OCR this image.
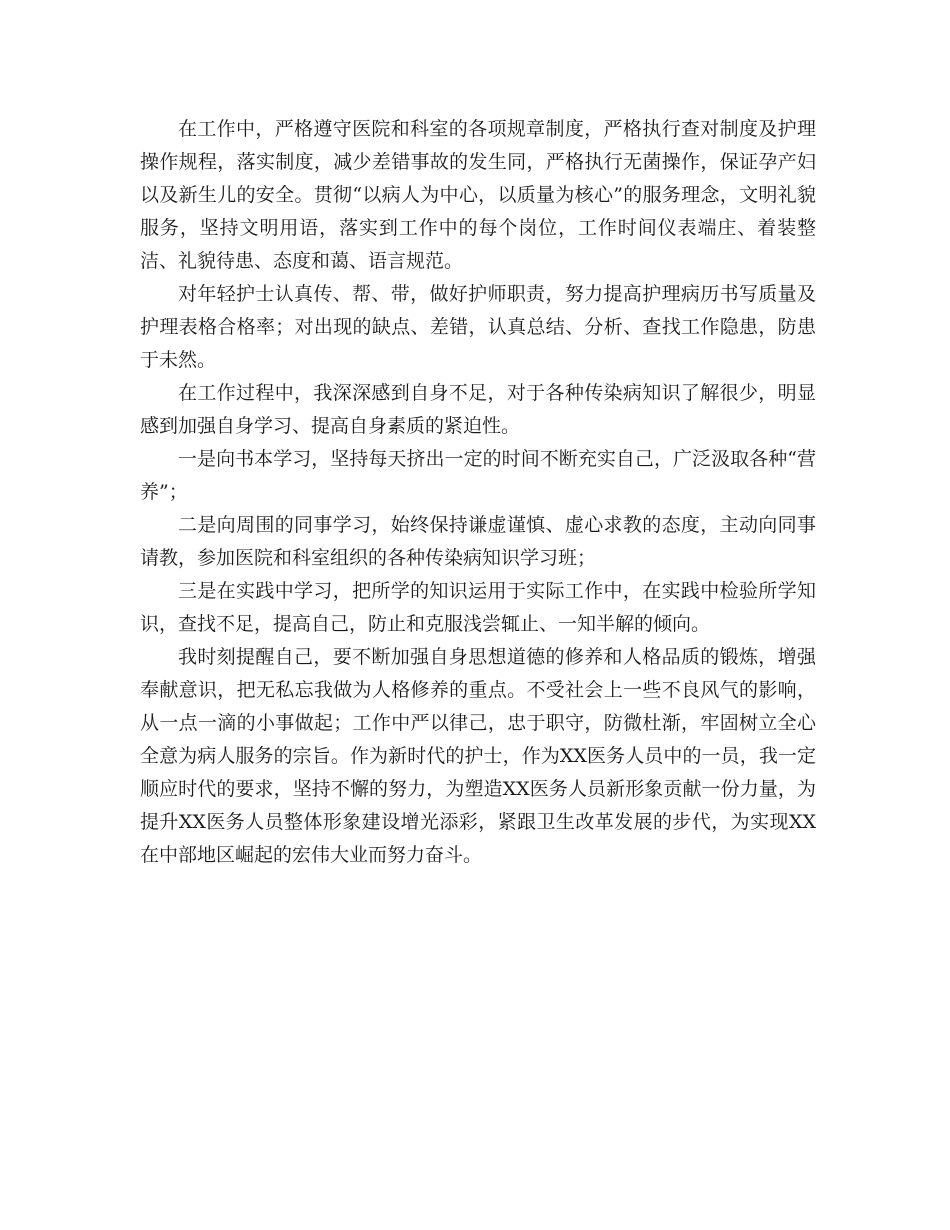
在工作中，严格遵守医院和科室的各项规章制度，严格执行查对制度及护理操作规程，落实制度，减少差错事故的发生同，严格执行无菌操作，保证孕产妇以及新生儿的安全。贯彻“以病人为中心，以质量为核心”的服务理念，文明礼貌服务，坚持文明用语，落实到工作中的每个岗位，工作时间仪表端庄、着装整洁、礼貌待患、态度和蔼、语言规范。

对年轻护士认真传、帮、带，做好护师职责，努力提高护理病历书写质量及护理表格合格率；对出现的缺点、差错，认真总结、分析、查找工作隐患，防患于未然。

在工作过程中，我深深感到自身不足，对于各种传染病知识了解很少，明显感到加强自身学习、提高自身素质的紧迫性。

一是向书本学习，坚持每天挤出一定的时间不断充实自己，广泛汲取各种“营养”；

二是向周围的同事学习，始终保持谦虚谨慎、虚心求教的态度，主动向同事请教，参加医院和科室组织的各种传染病知识学习班；

三是在实践中学习，把所学的知识运用于实际工作中，在实践中检验所学知识，查找不足，提高自己，防止和克服浅尝辄止、一知半解的倾向。

我时刻提醒自己，要不断加强自身思想道德的修养和人格品质的锻炼，增强奉献意识，把无私忘我做为人格修养的重点。不受社会上一些不良风气的影响，从一点一滴的小事做起；工作中严以律己，忠于职守，防微杜渐，牢固树立全心全意为病人服务的宗旨。作为新时代的护士，作为XX医务人员中的一员，我一定顺应时代的要求，坚持不懈的努力，为塑造XX医务人员新形象贡献一份力量，为提升XX医务人员整体形象建设增光添彩，紧跟卫生改革发展的步代，为实现XX在中部地区崛起的宏伟大业而努力奋斗。
